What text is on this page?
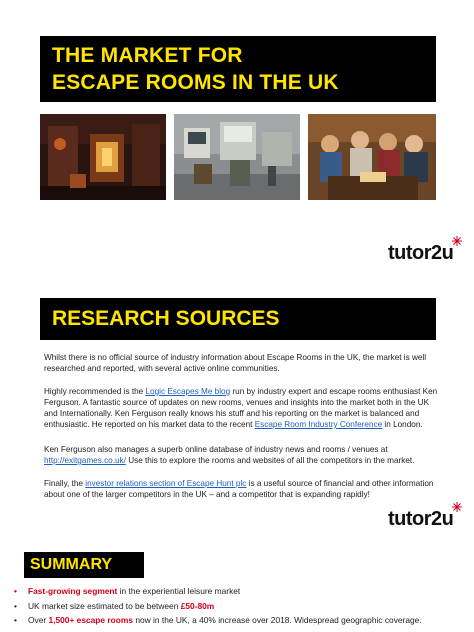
THE MARKET FOR
ESCAPE ROOMS IN THE UK
tutor2u
RESEARCH SOURCES

Whilst there is no official source of industry information about Escape Rooms in the UK, the market is well researched and reported, with several active online communities.

Highly recommended is the Logic Escapes Me blog run by industry expert and escape rooms enthusiast Ken Ferguson. A fantastic source of updates on new rooms, venues and insights into the market both in the UK and Internationally. Ken Ferguson really knows his stuff and his reporting on the market is balanced and enthusiastic. He reported on his market data to the recent Escape Room Industry Conference in London.

Ken Ferguson also manages a superb online database of industry news and rooms / venues at http://exitgames.co.uk/ Use this to explore the rooms and websites of all the competitors in the market.

Finally, the investor relations section of Escape Hunt plc is a useful source of financial and other information about one of the larger competitors in the UK – and a competitor that is expanding rapidly!

tutor2u
SUMMARY
• Fast-growing segment in the experiential leisure market
• UK market size estimated to be between £50-80m
• Over 1,500+ escape rooms now in the UK, a 40% increase over 2018. Widespread geographic coverage.
